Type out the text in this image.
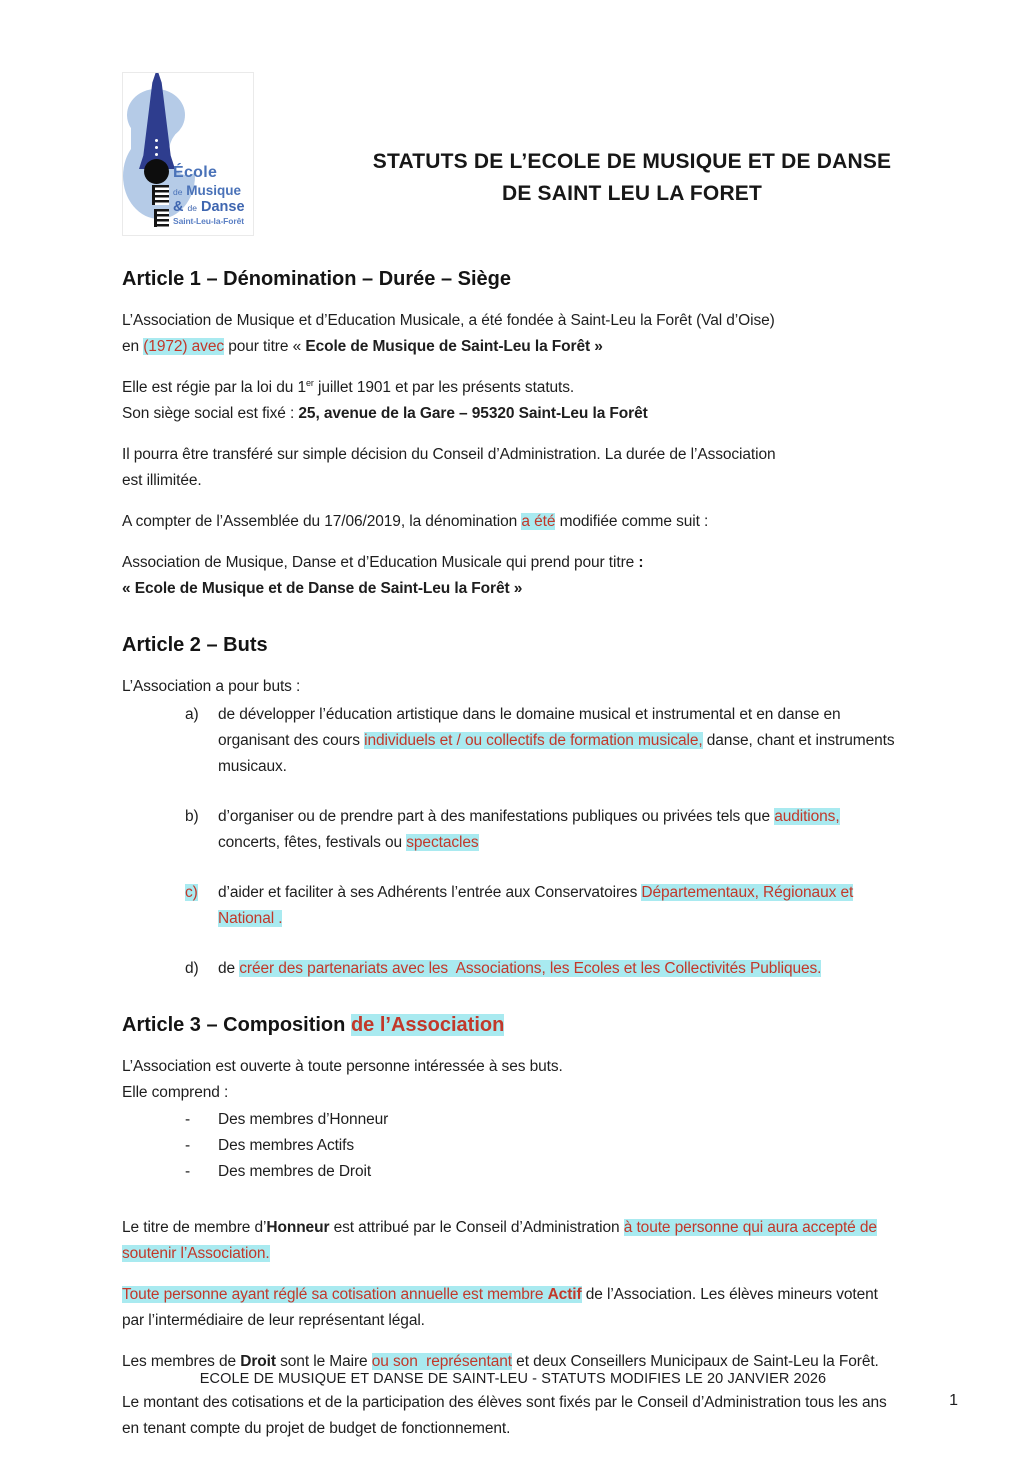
École
de Musique
& de Danse
Saint-Leu-la-Forêt
STATUTS DE L’ECOLE DE MUSIQUE ET DE DANSE
DE SAINT LEU LA FORET
Article 1 – Dénomination – Durée – Siège
L’Association de Musique et d’Education Musicale, a été fondée à Saint-Leu la Forêt (Val d’Oise)
en (1972) avec pour titre « Ecole de Musique de Saint-Leu la Forêt »
Elle est régie par la loi du 1er juillet 1901 et par les présents statuts.
Son siège social est fixé : 25, avenue de la Gare – 95320 Saint-Leu la Forêt
Il pourra être transféré sur simple décision du Conseil d’Administration. La durée de l’Association
est illimitée.
A compter de l’Assemblée du 17/06/2019, la dénomination a été modifiée comme suit :
Association de Musique, Danse et d’Education Musicale qui prend pour titre :
« Ecole de Musique et de Danse de Saint-Leu la Forêt »
Article 2 – Buts
L’Association a pour buts :
a)	de développer l’éducation artistique dans le domaine musical et instrumental et en danse en
organisant des cours individuels et / ou collectifs de formation musicale, danse, chant et instruments
musicaux.
b)	d’organiser ou de prendre part à des manifestations publiques ou privées tels que auditions,
concerts, fêtes, festivals ou spectacles
c)	d’aider et faciliter à ses Adhérents l’entrée aux Conservatoires Départementaux, Régionaux et
National .
d)	de créer des partenariats avec les  Associations, les Ecoles et les Collectivités Publiques.
Article 3 – Composition de l’Association
L’Association est ouverte à toute personne intéressée à ses buts.
Elle comprend :
-	Des membres d’Honneur
-	Des membres Actifs
-	Des membres de Droit
Le titre de membre d’Honneur est attribué par le Conseil d’Administration à toute personne qui aura accepté de
soutenir l’Association.
Toute personne ayant réglé sa cotisation annuelle est membre Actif de l’Association. Les élèves mineurs votent
par l’intermédiaire de leur représentant légal.
Les membres de Droit sont le Maire ou son  représentant et deux Conseillers Municipaux de Saint-Leu la Forêt.
Le montant des cotisations et de la participation des élèves sont fixés par le Conseil d’Administration tous les ans
en tenant compte du projet de budget de fonctionnement.
ECOLE DE MUSIQUE ET DANSE DE SAINT-LEU - STATUTS MODIFIES LE 20 JANVIER 2026
1
